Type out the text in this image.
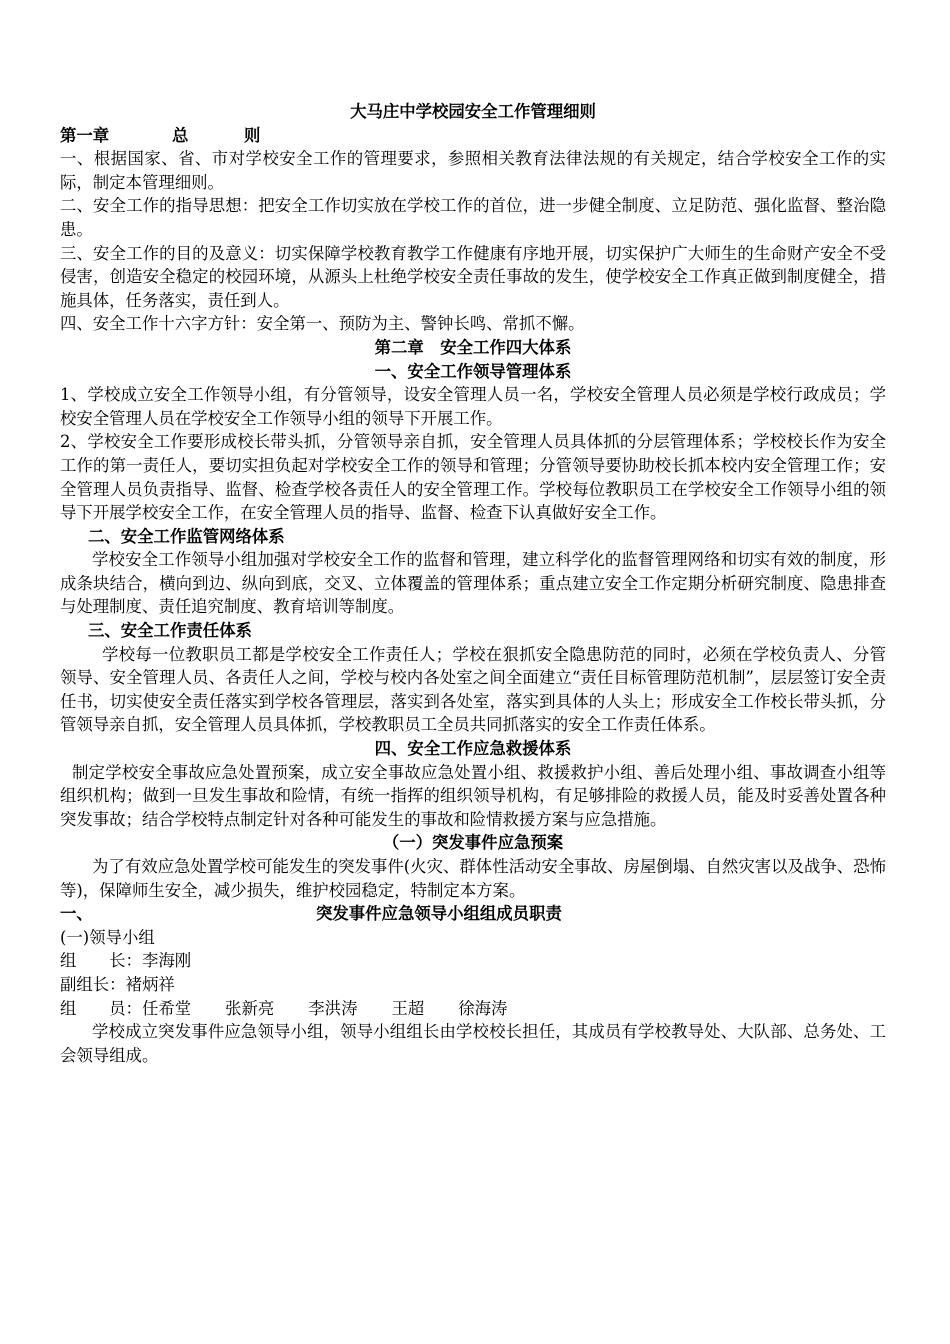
大马庄中学校园安全工作管理细则

第一章	总	则

一、根据国家、省、市对学校安全工作的管理要求，参照相关教育法律法规的有关规定，结合学校安全工作的实际，制定本管理细则。

二、安全工作的指导思想：把安全工作切实放在学校工作的首位，进一步健全制度、立足防范、强化监督、整治隐患。

三、安全工作的目的及意义：切实保障学校教育教学工作健康有序地开展，切实保护广大师生的生命财产安全不受侵害，创造安全稳定的校园环境，从源头上杜绝学校安全责任事故的发生，使学校安全工作真正做到制度健全，措施具体，任务落实，责任到人。

四、安全工作十六字方针：安全第一、预防为主、警钟长鸣、常抓不懈。

第二章　安全工作四大体系

一、安全工作领导管理体系

1、学校成立安全工作领导小组，有分管领导，设安全管理人员一名，学校安全管理人员必须是学校行政成员；学校安全管理人员在学校安全工作领导小组的领导下开展工作。

2、学校安全工作要形成校长带头抓，分管领导亲自抓，安全管理人员具体抓的分层管理体系；学校校长作为安全工作的第一责任人，要切实担负起对学校安全工作的领导和管理；分管领导要协助校长抓本校内安全管理工作；安全管理人员负责指导、监督、检查学校各责任人的安全管理工作。学校每位教职员工在学校安全工作领导小组的领导下开展学校安全工作，在安全管理人员的指导、监督、检查下认真做好安全工作。

二、安全工作监管网络体系

学校安全工作领导小组加强对学校安全工作的监督和管理，建立科学化的监督管理网络和切实有效的制度，形成条块结合，横向到边、纵向到底，交叉、立体覆盖的管理体系；重点建立安全工作定期分析研究制度、隐患排查与处理制度、责任追究制度、教育培训等制度。

三、安全工作责任体系

学校每一位教职员工都是学校安全工作责任人；学校在狠抓安全隐患防范的同时，必须在学校负责人、分管领导、安全管理人员、各责任人之间，学校与校内各处室之间全面建立“责任目标管理防范机制”，层层签订安全责任书，切实使安全责任落实到学校各管理层，落实到各处室，落实到具体的人头上；形成安全工作校长带头抓，分管领导亲自抓，安全管理人员具体抓，学校教职员工全员共同抓落实的安全工作责任体系。

四、安全工作应急救援体系

制定学校安全事故应急处置预案，成立安全事故应急处置小组、救援救护小组、善后处理小组、事故调查小组等组织机构；做到一旦发生事故和险情，有统一指挥的组织领导机构，有足够排险的救援人员，能及时妥善处置各种突发事故；结合学校特点制定针对各种可能发生的事故和险情救援方案与应急措施。

（一）突发事件应急预案

为了有效应急处置学校可能发生的突发事件(火灾、群体性活动安全事故、房屋倒塌、自然灾害以及战争、恐怖等)，保障师生安全，减少损失，维护校园稳定，特制定本方案。

一、	突发事件应急领导小组组成员职责

(一)领导小组

组　　长：李海刚

副组长：褚炳祥

组　　员：任希堂 张新亮 李洪涛 王超 徐海涛

学校成立突发事件应急领导小组，领导小组组长由学校校长担任，其成员有学校教导处、大队部、总务处、工会领导组成。
